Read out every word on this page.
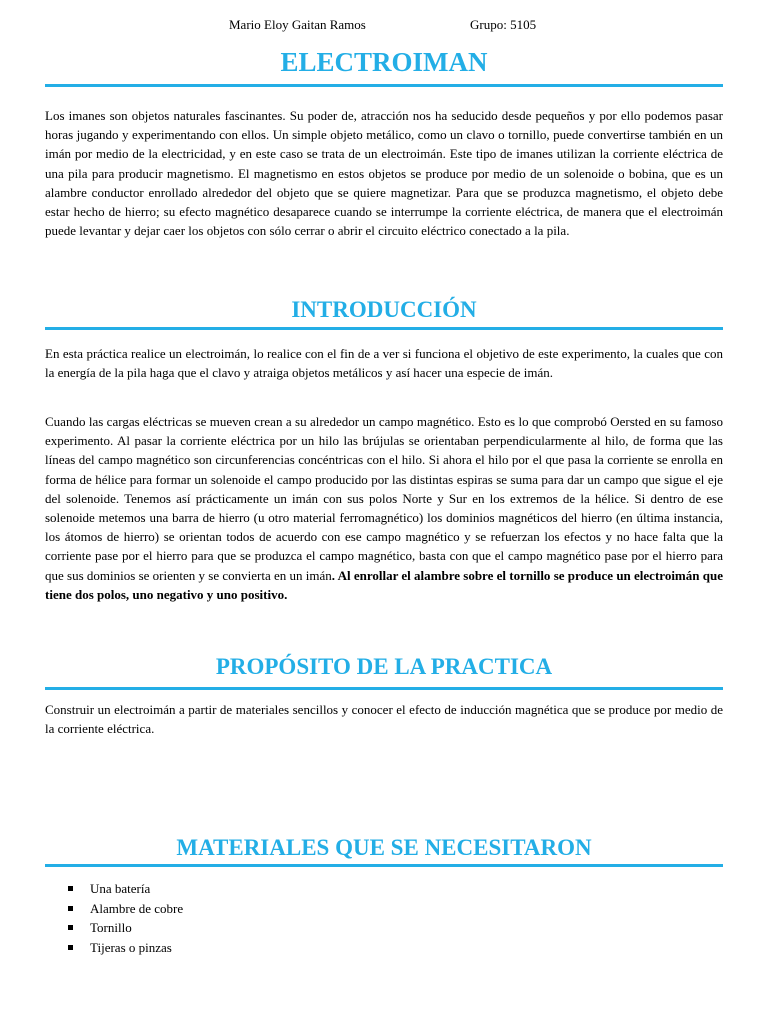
Mario Eloy Gaitan Ramos	Grupo: 5105
ELECTROIMAN

Los imanes son objetos naturales fascinantes. Su poder de, atracción nos ha seducido desde pequeños y por ello podemos pasar horas jugando y experimentando con ellos. Un simple objeto metálico, como un clavo o tornillo, puede convertirse también en un imán por medio de la electricidad, y en este caso se trata de un electroimán. Este tipo de imanes utilizan la corriente eléctrica de una pila para producir magnetismo. El magnetismo en estos objetos se produce por medio de un solenoide o bobina, que es un alambre conductor enrollado alrededor del objeto que se quiere magnetizar. Para que se produzca magnetismo, el objeto debe estar hecho de hierro; su efecto magnético desaparece cuando se interrumpe la corriente eléctrica, de manera que el electroimán puede levantar y dejar caer los objetos con sólo cerrar o abrir el circuito eléctrico conectado a la pila.

INTRODUCCIÓN

En esta práctica realice un electroimán, lo realice con el fin de a ver si funciona el objetivo de este experimento, la cuales que con la energía de la pila haga que el clavo y atraiga objetos metálicos y así hacer una especie de imán.

Cuando las cargas eléctricas se mueven crean a su alrededor un campo magnético. Esto es lo que comprobó Oersted en su famoso experimento. Al pasar la corriente eléctrica por un hilo las brújulas se orientaban perpendicularmente al hilo, de forma que las líneas del campo magnético son circunferencias concéntricas con el hilo. Si ahora el hilo por el que pasa la corriente se enrolla en forma de hélice para formar un solenoide el campo producido por las distintas espiras se suma para dar un campo que sigue el eje del solenoide. Tenemos así prácticamente un imán con sus polos Norte y Sur en los extremos de la hélice. Si dentro de ese solenoide metemos una barra de hierro (u otro material ferromagnético) los dominios magnéticos del hierro (en última instancia, los átomos de hierro) se orientan todos de acuerdo con ese campo magnético y se refuerzan los efectos y no hace falta que la corriente pase por el hierro para que se produzca el campo magnético, basta con que el campo magnético pase por el hierro para que sus dominios se orienten y se convierta en un imán. Al enrollar el alambre sobre el tornillo se produce un electroimán que tiene dos polos, uno negativo y uno positivo.

PROPÓSITO DE LA PRACTICA

Construir un electroimán a partir de materiales sencillos y conocer el efecto de inducción magnética que se produce por medio de la corriente eléctrica.

MATERIALES QUE SE NECESITARON
Una batería
Alambre de cobre
Tornillo
Tijeras o pinzas
